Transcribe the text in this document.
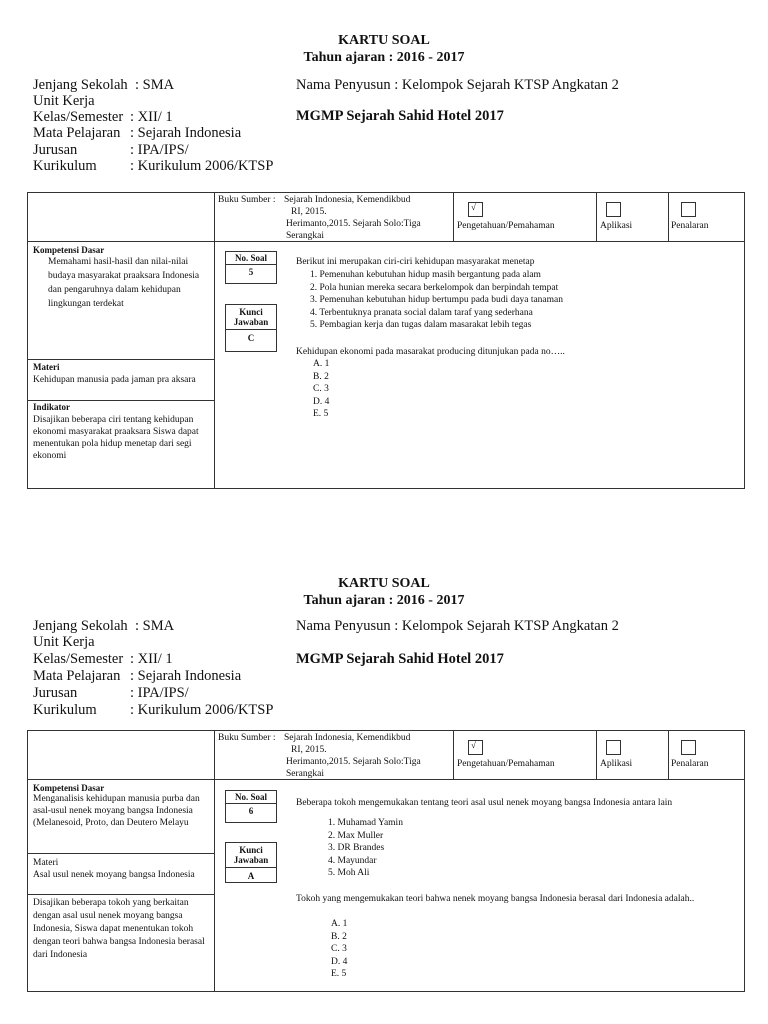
KARTU SOAL
Tahun ajaran : 2016 - 2017
Jenjang Sekolah : SMA
Unit Kerja
Kelas/Semester : XII/ 1
Mata Pelajaran : Sejarah Indonesia
Jurusan	: IPA/IPS/
Kurikulum : Kurikulum 2006/KTSP
Nama Penyusun : Kelompok Sejarah KTSP Angkatan 2
MGMP Sejarah Sahid Hotel 2017
Buku Sumber : Sejarah Indonesia, Kemendikbud
RI, 2015.
Herimanto,2015. Sejarah Solo:Tiga
Serangkai
√
Pengetahuan/Pemahaman	Aplikasi	Penalaran
Kompetensi Dasar
Memahami hasil-hasil dan nilai-nilai budaya masyarakat praaksara Indonesia dan pengaruhnya dalam kehidupan lingkungan terdekat
Materi
Kehidupan manusia pada jaman pra aksara
Indikator
Disajikan beberapa ciri tentang kehidupan ekonomi masyarakat praaksara Siswa dapat menentukan pola hidup menetap dari segi ekonomi
No. Soal
5
Kunci Jawaban
C
Berikut ini merupakan ciri-ciri kehidupan masyarakat menetap
1. Pemenuhan kebutuhan hidup masih bergantung pada alam
2. Pola hunian mereka secara berkelompok dan berpindah tempat
3. Pemenuhan kebutuhan hidup bertumpu pada budi daya tanaman
4. Terbentuknya pranata social dalam taraf yang sederhana
5. Pembagian kerja dan tugas dalam masarakat lebih tegas
Kehidupan ekonomi pada masarakat producing ditunjukan pada no…..
A. 1
B. 2
C. 3
D. 4
E. 5
KARTU SOAL
Tahun ajaran : 2016 - 2017
Jenjang Sekolah : SMA
Unit Kerja
Kelas/Semester : XII/ 1
Mata Pelajaran : Sejarah Indonesia
Jurusan	: IPA/IPS/
Kurikulum : Kurikulum 2006/KTSP
Nama Penyusun : Kelompok Sejarah KTSP Angkatan 2
MGMP Sejarah Sahid Hotel 2017
Buku Sumber : Sejarah Indonesia, Kemendikbud
RI, 2015.
Herimanto,2015. Sejarah Solo:Tiga
Serangkai
√
Pengetahuan/Pemahaman	Aplikasi	Penalaran
Kompetensi Dasar
Menganalisis kehidupan manusia purba dan asal-usul nenek moyang bangsa Indonesia (Melanesoid, Proto, dan Deutero Melayu
Materi
Asal usul nenek moyang bangsa Indonesia
Disajikan beberapa tokoh yang berkaitan dengan asal usul nenek moyang bangsa Indonesia, Siswa dapat menentukan tokoh dengan teori bahwa bangsa Indonesia berasal dari Indonesia
No. Soal
6
Kunci Jawaban
A
Beberapa tokoh mengemukakan tentang teori asal usul nenek moyang bangsa Indonesia antara lain
1. Muhamad Yamin
2. Max Muller
3. DR Brandes
4. Mayundar
5. Moh Ali
Tokoh yang mengemukakan teori bahwa nenek moyang bangsa Indonesia berasal dari Indonesia adalah..
A. 1
B. 2
C. 3
D. 4
E. 5
